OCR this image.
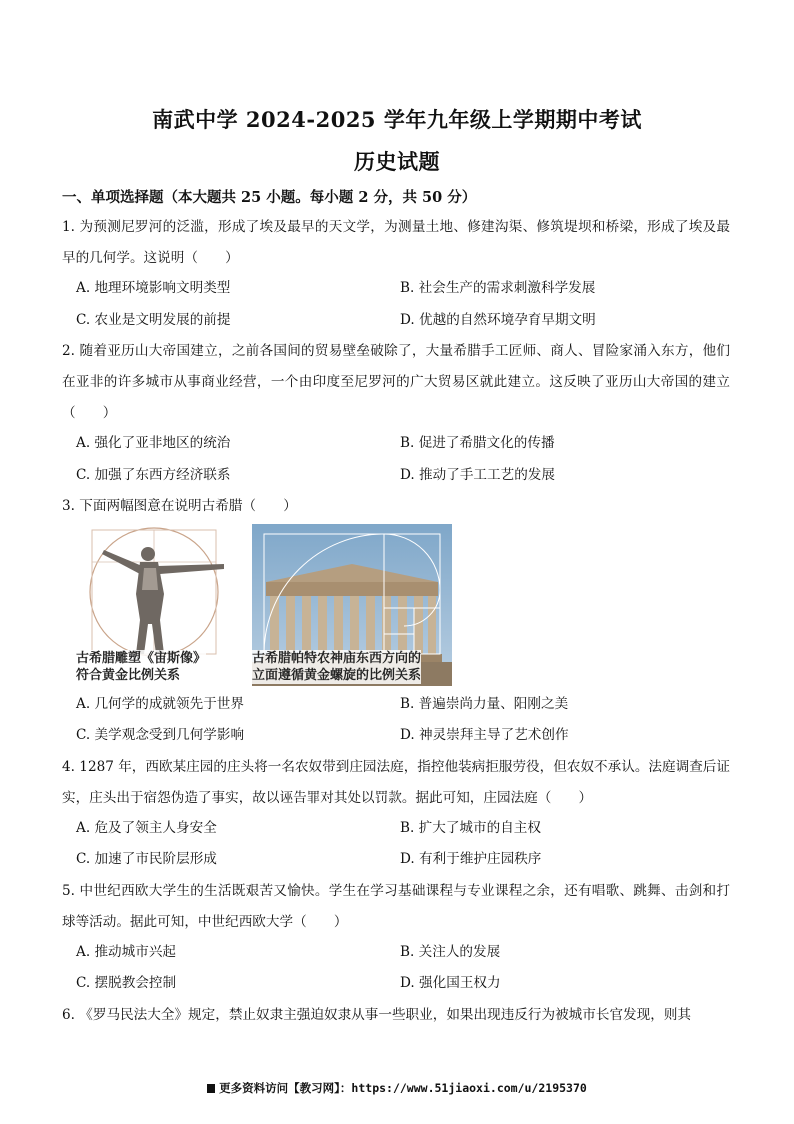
南武中学 2024-2025 学年九年级上学期期中考试
历史试题
一、单项选择题（本大题共 25 小题。每小题 2 分，共 50 分）
1. 为预测尼罗河的泛滥，形成了埃及最早的天文学，为测量土地、修建沟渠、修筑堤坝和桥梁，形成了埃及最早的几何学。这说明（　　）
A. 地理环境影响文明类型	B. 社会生产的需求刺激科学发展
C. 农业是文明发展的前提	D. 优越的自然环境孕育早期文明
2. 随着亚历山大帝国建立，之前各国间的贸易壁垒破除了，大量希腊手工匠师、商人、冒险家涌入东方，他们在亚非的许多城市从事商业经营，一个由印度至尼罗河的广大贸易区就此建立。这反映了亚历山大帝国的建立（　　）
A. 强化了亚非地区的统治	B. 促进了希腊文化的传播
C. 加强了东西方经济联系	D. 推动了手工工艺的发展
3. 下面两幅图意在说明古希腊（　　）
古希腊雕塑《宙斯像》
符合黄金比例关系
古希腊帕特农神庙东西方向的
立面遵循黄金螺旋的比例关系
A. 几何学的成就领先于世界	B. 普遍崇尚力量、阳刚之美
C. 美学观念受到几何学影响	D. 神灵崇拜主导了艺术创作
4. 1287 年，西欧某庄园的庄头将一名农奴带到庄园法庭，指控他装病拒服劳役，但农奴不承认。法庭调查后证实，庄头出于宿怨伪造了事实，故以诬告罪对其处以罚款。据此可知，庄园法庭（　　）
A. 危及了领主人身安全	B. 扩大了城市的自主权
C. 加速了市民阶层形成	D. 有利于维护庄园秩序
5. 中世纪西欧大学生的生活既艰苦又愉快。学生在学习基础课程与专业课程之余，还有唱歌、跳舞、击剑和打球等活动。据此可知，中世纪西欧大学（　　）
A. 推动城市兴起	B. 关注人的发展
C. 摆脱教会控制	D. 强化国王权力
6. 《罗马民法大全》规定，禁止奴隶主强迫奴隶从事一些职业，如果出现违反行为被城市长官发现，则其
更多资料访问【教习网】：https://www.51jiaoxi.com/u/2195370
